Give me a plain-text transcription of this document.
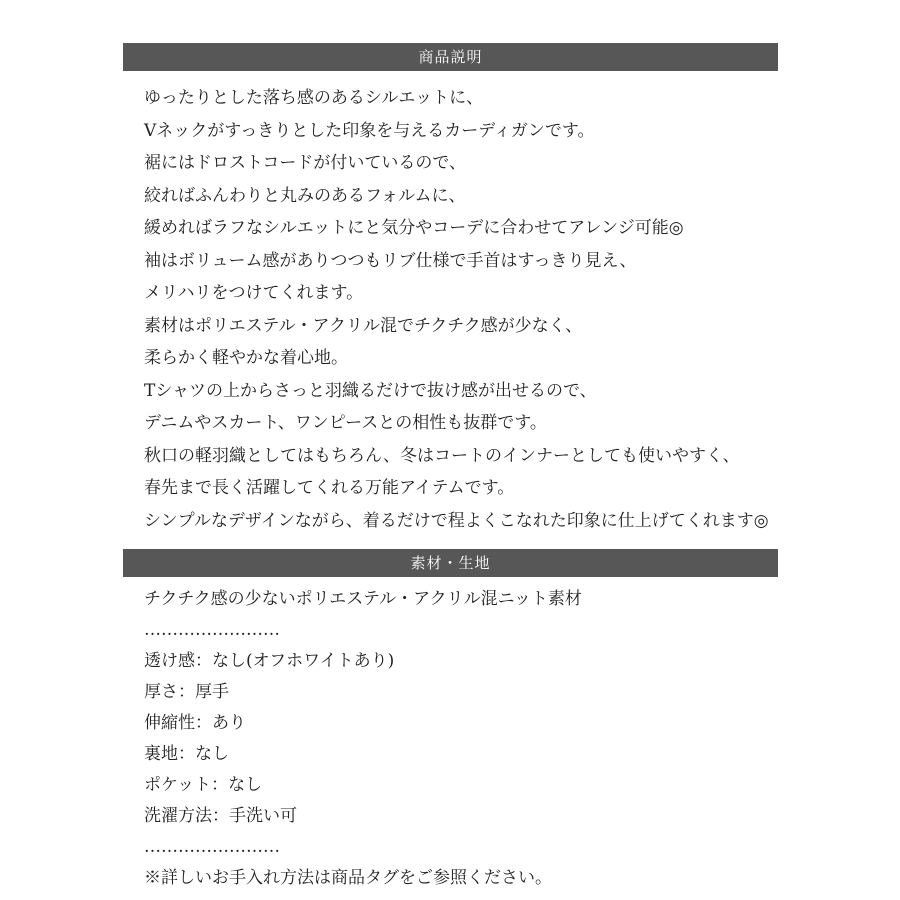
商品説明
ゆったりとした落ち感のあるシルエットに、
Vネックがすっきりとした印象を与えるカーディガンです。
裾にはドロストコードが付いているので、
絞ればふんわりと丸みのあるフォルムに、
緩めればラフなシルエットにと気分やコーデに合わせてアレンジ可能◎
袖はボリューム感がありつつもリブ仕様で手首はすっきり見え、
メリハリをつけてくれます。
素材はポリエステル・アクリル混でチクチク感が少なく、
柔らかく軽やかな着心地。
Tシャツの上からさっと羽織るだけで抜け感が出せるので、
デニムやスカート、ワンピースとの相性も抜群です。
秋口の軽羽織としてはもちろん、冬はコートのインナーとしても使いやすく、
春先まで長く活躍してくれる万能アイテムです。
シンプルなデザインながら、着るだけで程よくこなれた印象に仕上げてくれます◎
素材・生地
チクチク感の少ないポリエステル・アクリル混ニット素材
……………………
透け感：なし(オフホワイトあり)
厚さ：厚手
伸縮性：あり
裏地：なし
ポケット：なし
洗濯方法：手洗い可
……………………
※詳しいお手入れ方法は商品タグをご参照ください。
